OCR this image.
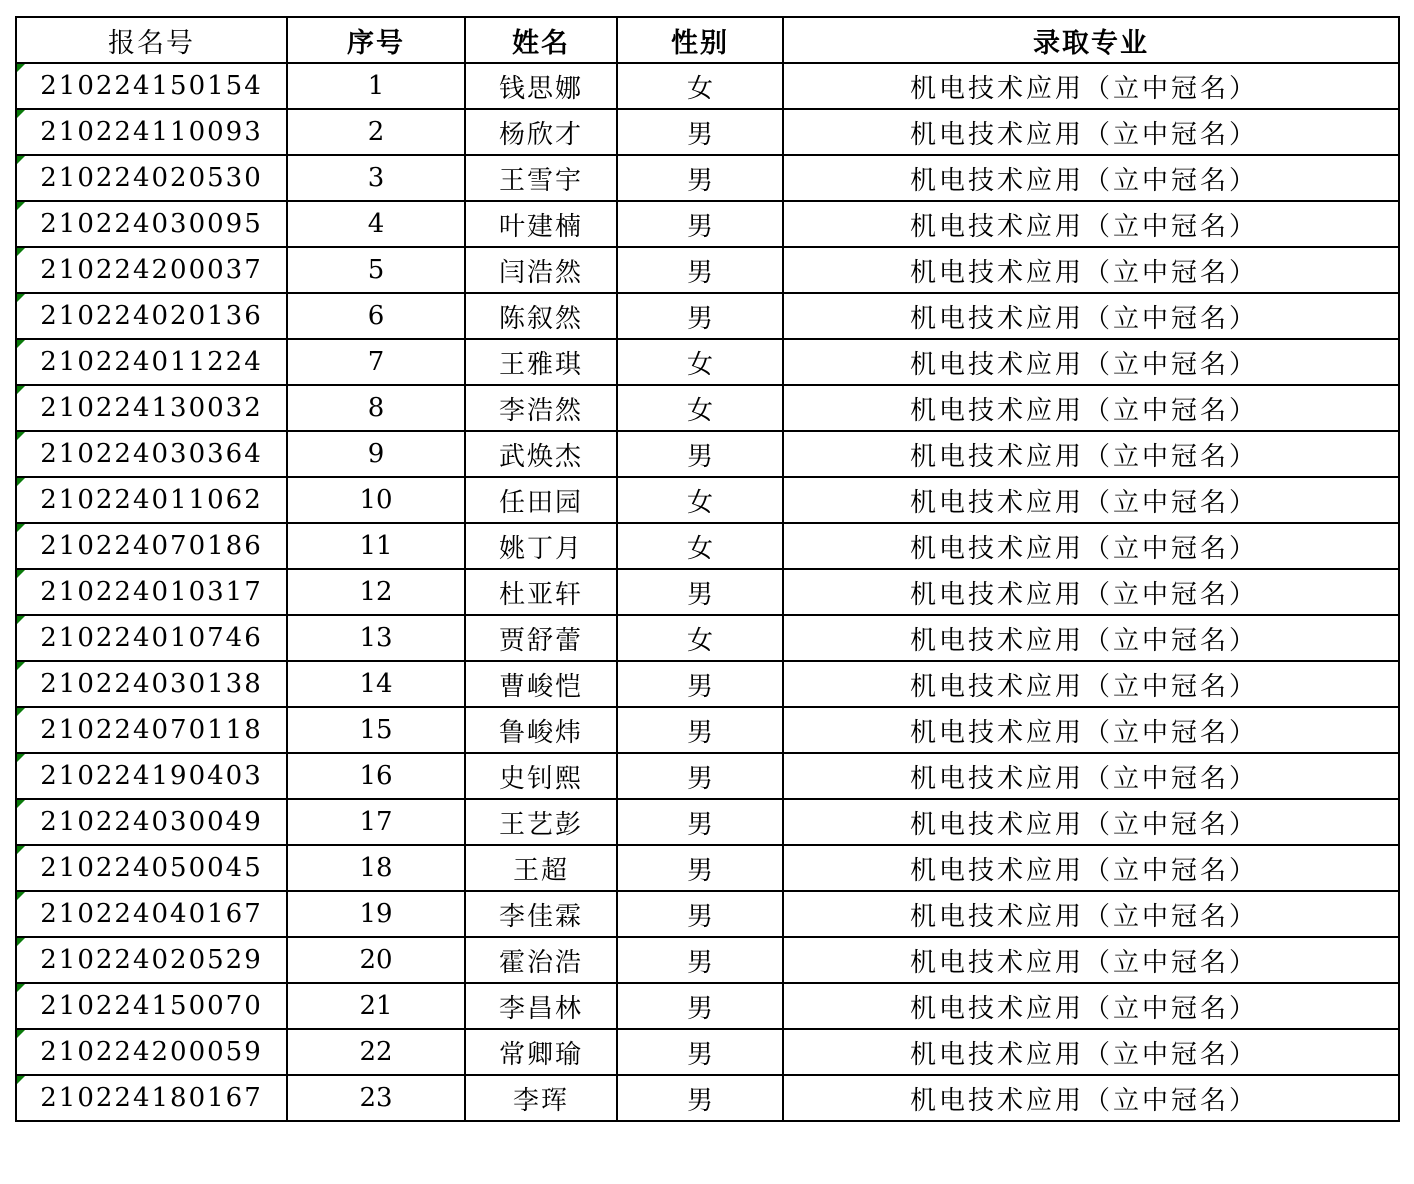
报名号	序号	姓名	性别	录取专业

210224150154	1	钱思娜	女	机电技术应用（立中冠名）

210224110093	2	杨欣才	男	机电技术应用（立中冠名）

210224020530	3	王雪宇	男	机电技术应用（立中冠名）

210224030095	4	叶建楠	男	机电技术应用（立中冠名）

210224200037	5	闫浩然	男	机电技术应用（立中冠名）

210224020136	6	陈叙然	男	机电技术应用（立中冠名）

210224011224	7	王雅琪	女	机电技术应用（立中冠名）

210224130032	8	李浩然	女	机电技术应用（立中冠名）

210224030364	9	武焕杰	男	机电技术应用（立中冠名）

210224011062	10	任田园	女	机电技术应用（立中冠名）

210224070186	11	姚丁月	女	机电技术应用（立中冠名）

210224010317	12	杜亚轩	男	机电技术应用（立中冠名）

210224010746	13	贾舒蕾	女	机电技术应用（立中冠名）

210224030138	14	曹峻恺	男	机电技术应用（立中冠名）

210224070118	15	鲁峻炜	男	机电技术应用（立中冠名）

210224190403	16	史钊熙	男	机电技术应用（立中冠名）

210224030049	17	王艺彭	男	机电技术应用（立中冠名）

210224050045	18	王超	男	机电技术应用（立中冠名）

210224040167	19	李佳霖	男	机电技术应用（立中冠名）

210224020529	20	霍治浩	男	机电技术应用（立中冠名）

210224150070	21	李昌林	男	机电技术应用（立中冠名）

210224200059	22	常卿瑜	男	机电技术应用（立中冠名）

210224180167	23	李珲	男	机电技术应用（立中冠名）
